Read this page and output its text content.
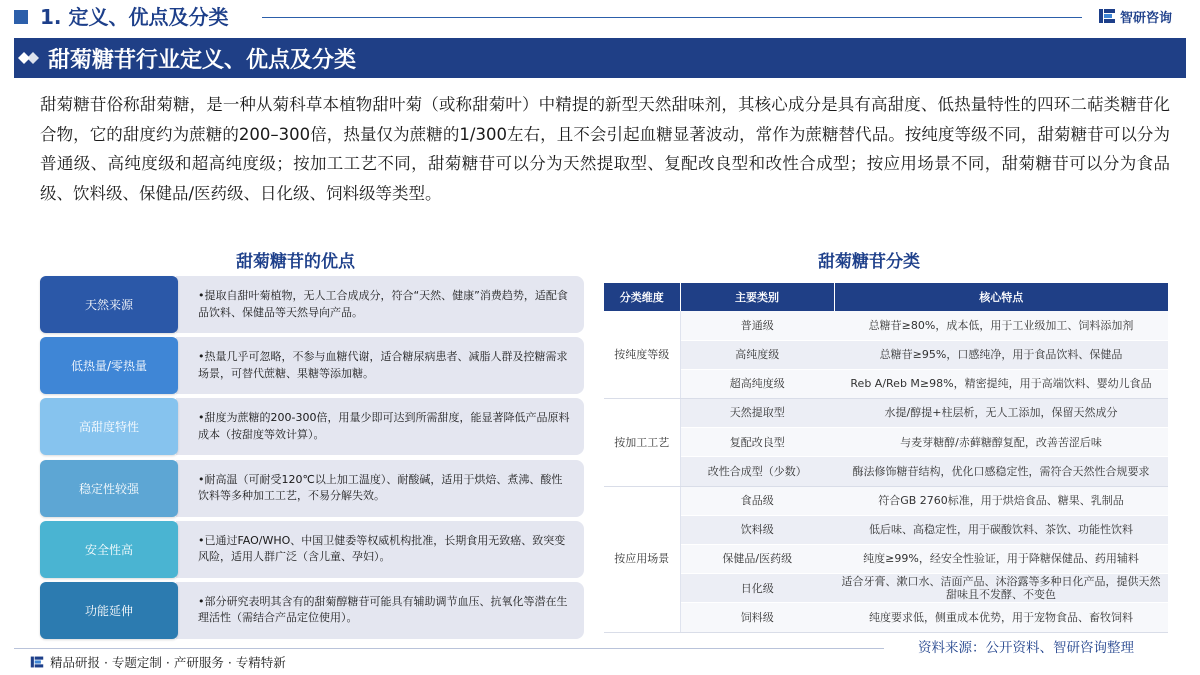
1. 定义、优点及分类	智研咨询
甜菊糖苷行业定义、优点及分类
甜菊糖苷俗称甜菊糖，是一种从菊科草本植物甜叶菊（或称甜菊叶）中精提的新型天然甜味剂，其核心成分是具有高甜度、低热量特性的四环二萜类糖苷化合物，它的甜度约为蔗糖的200–300倍，热量仅为蔗糖的1/300左右，且不会引起血糖显著波动，常作为蔗糖替代品。按纯度等级不同，甜菊糖苷可以分为普通级、高纯度级和超高纯度级；按加工工艺不同，甜菊糖苷可以分为天然提取型、复配改良型和改性合成型；按应用场景不同，甜菊糖苷可以分为食品级、饮料级、保健品/医药级、日化级、饲料级等类型。
甜菊糖苷的优点
天然来源
•提取自甜叶菊植物，无人工合成成分，符合“天然、健康”消费趋势，适配食品饮料、保健品等天然导向产品。
低热量/零热量
•热量几乎可忽略，不参与血糖代谢，适合糖尿病患者、减脂人群及控糖需求场景，可替代蔗糖、果糖等添加糖。
高甜度特性
•甜度为蔗糖的200-300倍，用量少即可达到所需甜度，能显著降低产品原料成本（按甜度等效计算）。
稳定性较强
•耐高温（可耐受120℃以上加工温度）、耐酸碱，适用于烘焙、煮沸、酸性饮料等多种加工工艺，不易分解失效。
安全性高
•已通过FAO/WHO、中国卫健委等权威机构批准，长期食用无致癌、致突变风险，适用人群广泛（含儿童、孕妇）。
功能延伸
•部分研究表明其含有的甜菊醇糖苷可能具有辅助调节血压、抗氧化等潜在生理活性（需结合产品定位使用）。
甜菊糖苷分类
分类维度	主要类别	核心特点
按纯度等级	普通级	总糖苷≥80%，成本低，用于工业级加工、饲料添加剂
	高纯度级	总糖苷≥95%，口感纯净，用于食品饮料、保健品
	超高纯度级	Reb A/Reb M≥98%，精密提纯，用于高端饮料、婴幼儿食品
按加工工艺	天然提取型	水提/醇提+柱层析，无人工添加，保留天然成分
	复配改良型	与麦芽糖醇/赤藓糖醇复配，改善苦涩后味
	改性合成型（少数）	酶法修饰糖苷结构，优化口感稳定性，需符合天然性合规要求
按应用场景	食品级	符合GB 2760标准，用于烘焙食品、糖果、乳制品
	饮料级	低后味、高稳定性，用于碳酸饮料、茶饮、功能性饮料
	保健品/医药级	纯度≥99%，经安全性验证，用于降糖保健品、药用辅料
	日化级	适合牙膏、漱口水、洁面产品、沐浴露等多种日化产品，提供天然甜味且不发酵、不变色
	饲料级	纯度要求低，侧重成本优势，用于宠物食品、畜牧饲料
精品研报 · 专题定制 · 产研服务 · 专精特新
资料来源：公开资料、智研咨询整理
